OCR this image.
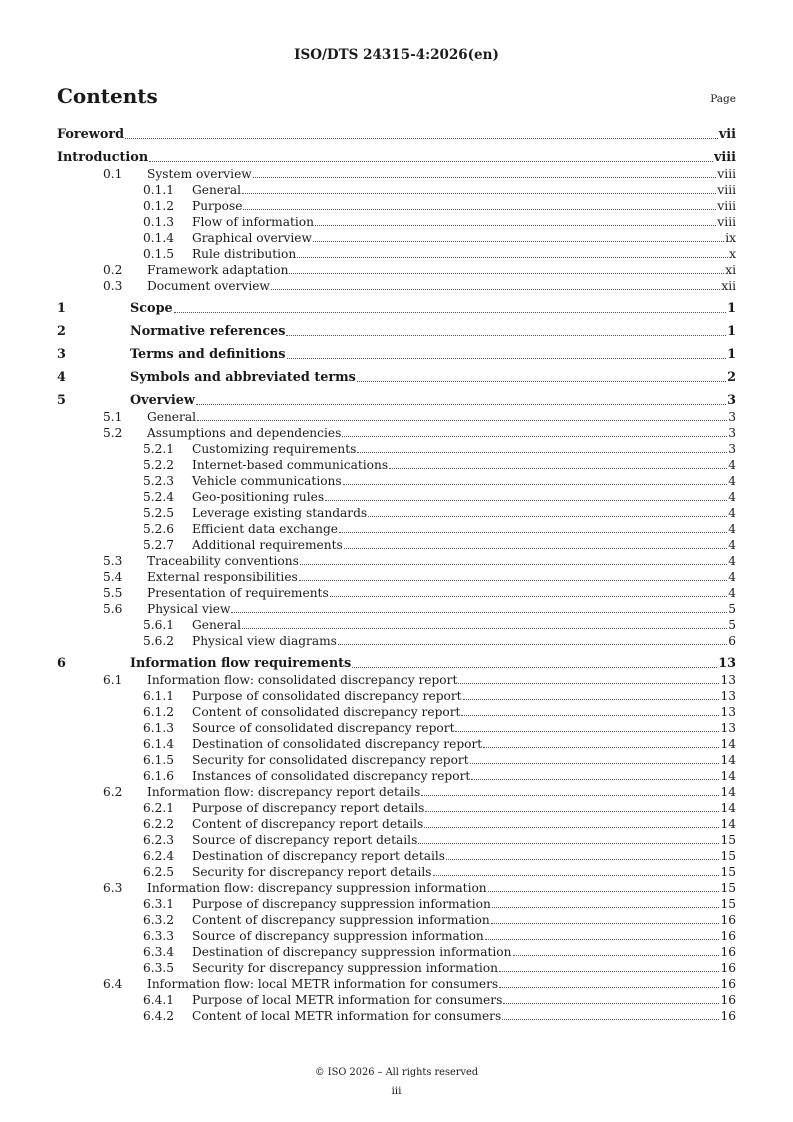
ISO/DTS 24315-4:2026(en)
Contents	Page
Foreword	vii
Introduction	viii
0.1	System overview	viii
0.1.1	General	viii
0.1.2	Purpose	viii
0.1.3	Flow of information	viii
0.1.4	Graphical overview	ix
0.1.5	Rule distribution	x
0.2	Framework adaptation	xi
0.3	Document overview	xii
1	Scope	1
2	Normative references	1
3	Terms and definitions	1
4	Symbols and abbreviated terms	2
5	Overview	3
5.1	General	3
5.2	Assumptions and dependencies	3
5.2.1	Customizing requirements	3
5.2.2	Internet-based communications	4
5.2.3	Vehicle communications	4
5.2.4	Geo-positioning rules	4
5.2.5	Leverage existing standards	4
5.2.6	Efficient data exchange	4
5.2.7	Additional requirements	4
5.3	Traceability conventions	4
5.4	External responsibilities	4
5.5	Presentation of requirements	4
5.6	Physical view	5
5.6.1	General	5
5.6.2	Physical view diagrams	6
6	Information flow requirements	13
6.1	Information flow: consolidated discrepancy report	13
6.1.1	Purpose of consolidated discrepancy report	13
6.1.2	Content of consolidated discrepancy report	13
6.1.3	Source of consolidated discrepancy report	13
6.1.4	Destination of consolidated discrepancy report	14
6.1.5	Security for consolidated discrepancy report	14
6.1.6	Instances of consolidated discrepancy report	14
6.2	Information flow: discrepancy report details	14
6.2.1	Purpose of discrepancy report details	14
6.2.2	Content of discrepancy report details	14
6.2.3	Source of discrepancy report details	15
6.2.4	Destination of discrepancy report details	15
6.2.5	Security for discrepancy report details	15
6.3	Information flow: discrepancy suppression information	15
6.3.1	Purpose of discrepancy suppression information	15
6.3.2	Content of discrepancy suppression information	16
6.3.3	Source of discrepancy suppression information	16
6.3.4	Destination of discrepancy suppression information	16
6.3.5	Security for discrepancy suppression information	16
6.4	Information flow: local METR information for consumers	16
6.4.1	Purpose of local METR information for consumers	16
6.4.2	Content of local METR information for consumers	16
© ISO 2026 – All rights reserved
iii
